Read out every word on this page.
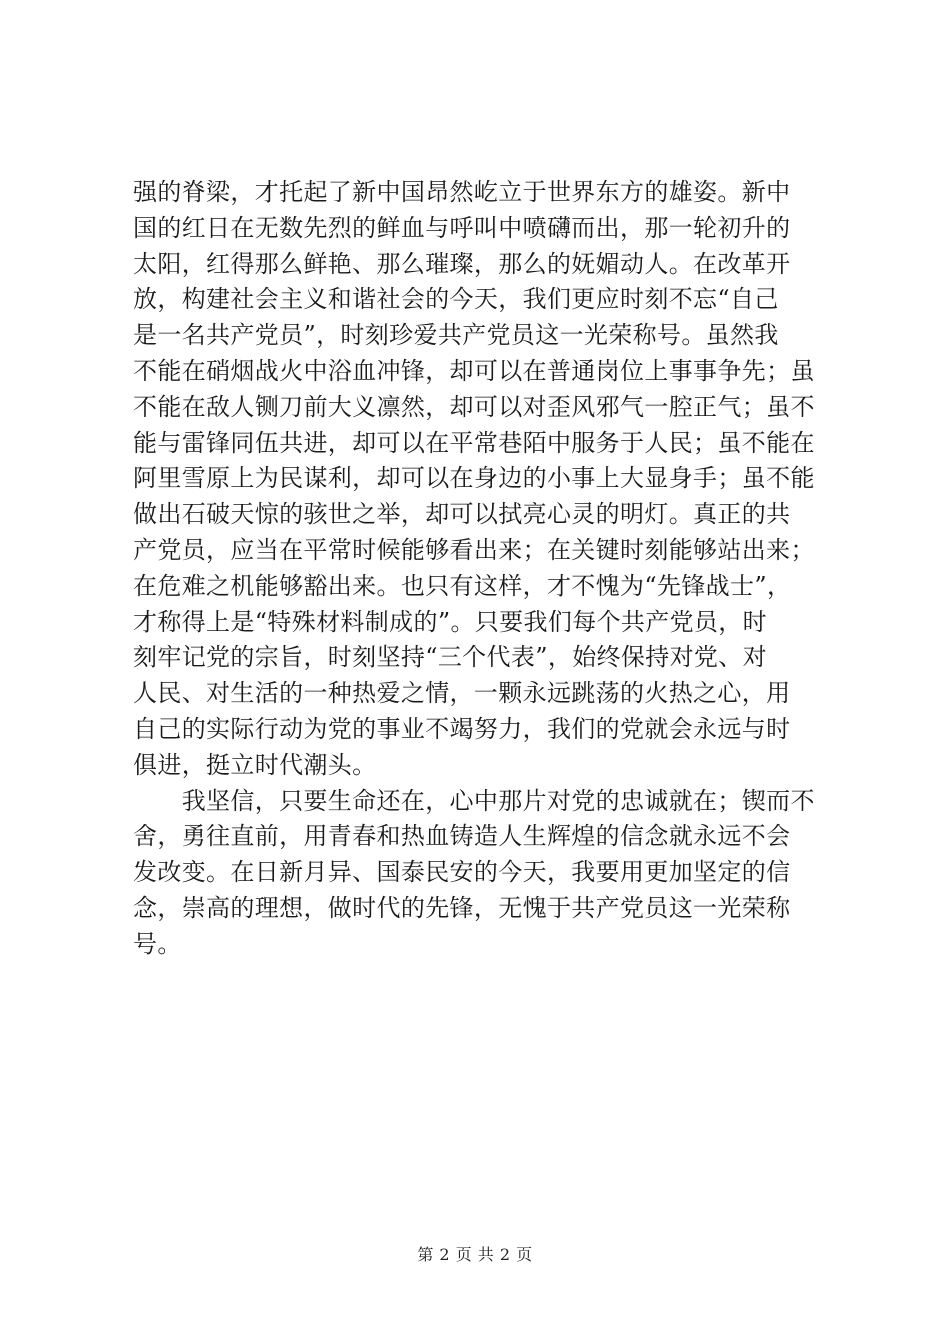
强的脊梁，才托起了新中国昂然屹立于世界东方的雄姿。新中
国的红日在无数先烈的鲜血与呼叫中喷礴而出，那一轮初升的
太阳，红得那么鲜艳、那么璀璨，那么的妩媚动人。在改革开
放，构建社会主义和谐社会的今天，我们更应时刻不忘“自己
是一名共产党员”，时刻珍爱共产党员这一光荣称号。虽然我
不能在硝烟战火中浴血冲锋，却可以在普通岗位上事事争先；虽
不能在敌人铡刀前大义凛然，却可以对歪风邪气一腔正气；虽不
能与雷锋同伍共进，却可以在平常巷陌中服务于人民；虽不能在
阿里雪原上为民谋利，却可以在身边的小事上大显身手；虽不能
做出石破天惊的骇世之举，却可以拭亮心灵的明灯。真正的共
产党员，应当在平常时候能够看出来；在关键时刻能够站出来；
在危难之机能够豁出来。也只有这样，才不愧为“先锋战士”，
才称得上是“特殊材料制成的”。只要我们每个共产党员，时
刻牢记党的宗旨，时刻坚持“三个代表”，始终保持对党、对
人民、对生活的一种热爱之情，一颗永远跳荡的火热之心，用
自己的实际行动为党的事业不竭努力，我们的党就会永远与时
俱进，挺立时代潮头。
　　我坚信，只要生命还在，心中那片对党的忠诚就在；锲而不
舍，勇往直前，用青春和热血铸造人生辉煌的信念就永远不会
发改变。在日新月异、国泰民安的今天，我要用更加坚定的信
念，崇高的理想，做时代的先锋，无愧于共产党员这一光荣称
号。
第 2 页 共 2 页
